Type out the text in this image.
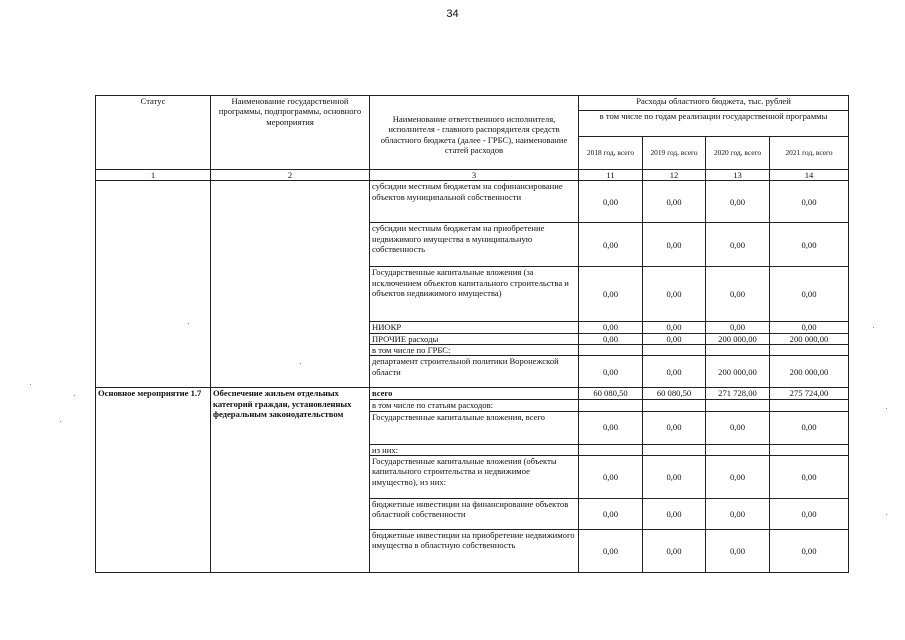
34
Статус	Наименование государственной программы, подпрограммы, основного мероприятия	Наименование ответственного исполнителя, исполнителя - главного распорядителя средств областного бюджета (далее - ГРБС), наименование статей расходов	Расходы областного бюджета, тыс. рублей			
			в том числе по годам реализации государственной программы			
			2018 год, всего	2019 год, всего	2020 год, всего	2021 год, всего
1	2	3	11	12	13	14
		субсидии местным бюджетам на софинансирование объектов муниципальной собственности	0,00	0,00	0,00	0,00
		субсидии местным бюджетам на приобретение недвижимого имущества в муниципальную собственность	0,00	0,00	0,00	0,00
		Государственные капитальные вложения (за исключением объектов капитального строительства и объектов недвижимого имущества)	0,00	0,00	0,00	0,00
		НИОКР	0,00	0,00	0,00	0,00
		ПРОЧИЕ расходы	0,00	0,00	200 000,00	200 000,00
		в том числе по ГРБС:				
		департамент строительной политики Воронежской области	0,00	0,00	200 000,00	200 000,00
Основное мероприятие 1.7	Обеспечение жильем отдельных категорий граждан, установленных федеральным законодательством	всего	60 080,50	60 080,50	271 728,00	275 724,00
		в том числе по статьям расходов:				
		Государственные капитальные вложения, всего	0,00	0,00	0,00	0,00
		из них:				
		Государственные капитальные вложения (объекты капитального строительства и недвижимое имущество), из них:	0,00	0,00	0,00	0,00
		бюджетные инвестиции на финансирование объектов областной собственности	0,00	0,00	0,00	0,00
		бюджетные инвестиции на приобретение недвижимого имущества в областную собственность	0,00	0,00	0,00	0,00
